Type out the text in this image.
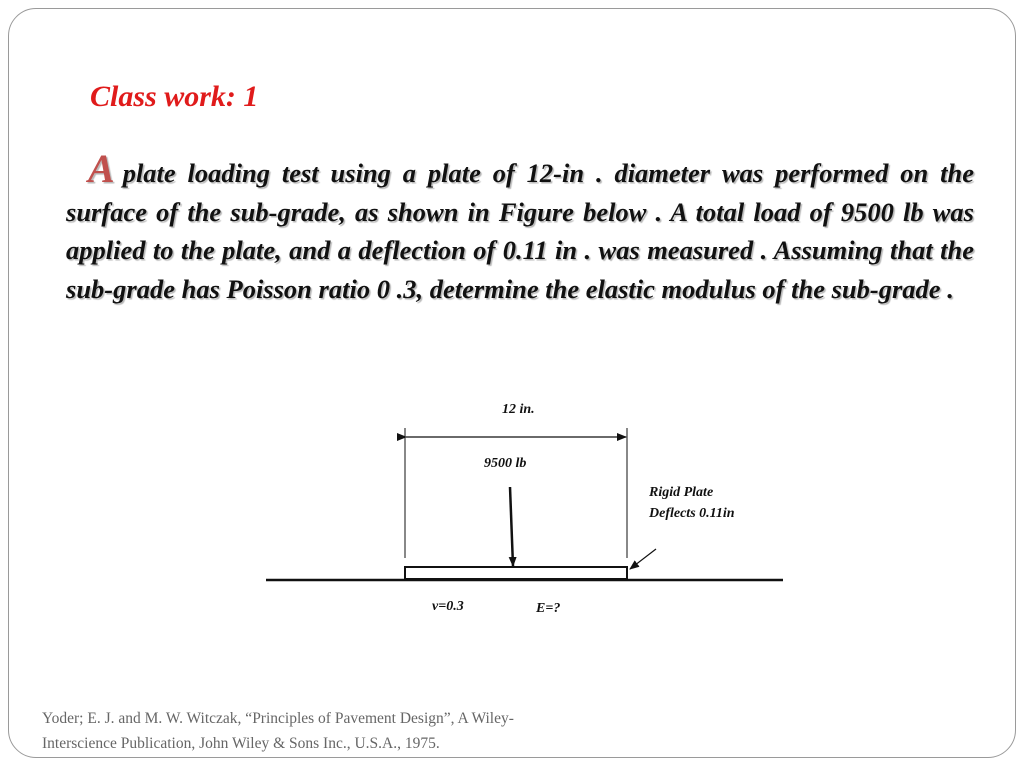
Class work: 1
Aplate loading test using a plate of 12-in . diameter was performed on the surface of the sub-grade, as shown in Figure below . A total load of 9500 lb was applied to the plate, and a deflection of 0.11 in . was measured . Assuming that the sub-grade has Poisson ratio 0 .3, determine the elastic modulus of the sub-grade .
12 in.
9500 lb
Rigid Plate
Deflects 0.11in
v=0.3	E=?
Yoder; E. J. and M. W. Witczak, “Principles of Pavement Design”, A Wiley-
Interscience Publication, John Wiley & Sons Inc., U.S.A., 1975.
